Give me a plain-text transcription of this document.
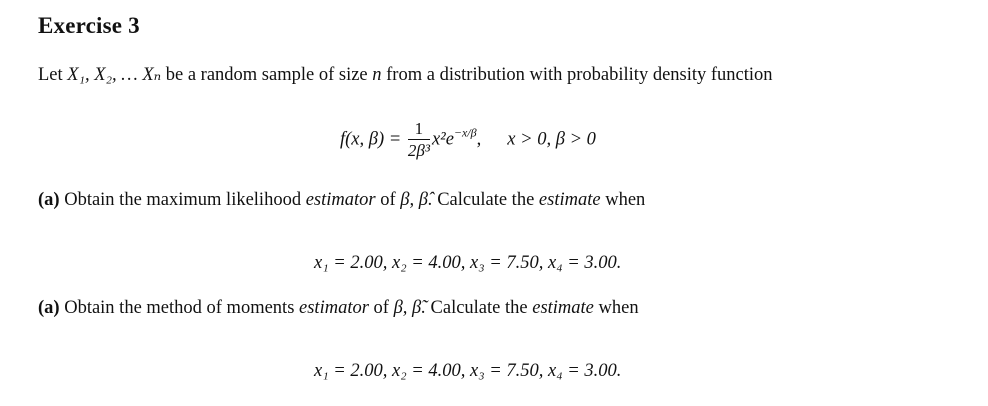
Exercise 3
Let X₁, X₂, … Xₙ be a random sample of size n from a distribution with probability density function
f(x, $\beta) = \frac{1}{\text{2β³}} x^2e^{-x/\beta}$, x > 0, β > 0
(a) Obtain the maximum likelihood estimator of β, β̂. Calculate the estimate when
x₁ = 2.00, x₂ = 4.00, x₃ = 7.50, x₄ = 3.00.
(a) Obtain the method of moments estimator of β, β̃. Calculate the estimate when
x₁ = 2.00, x₂ = 4.00, x₃ = 7.50, x₄ = 3.00.
